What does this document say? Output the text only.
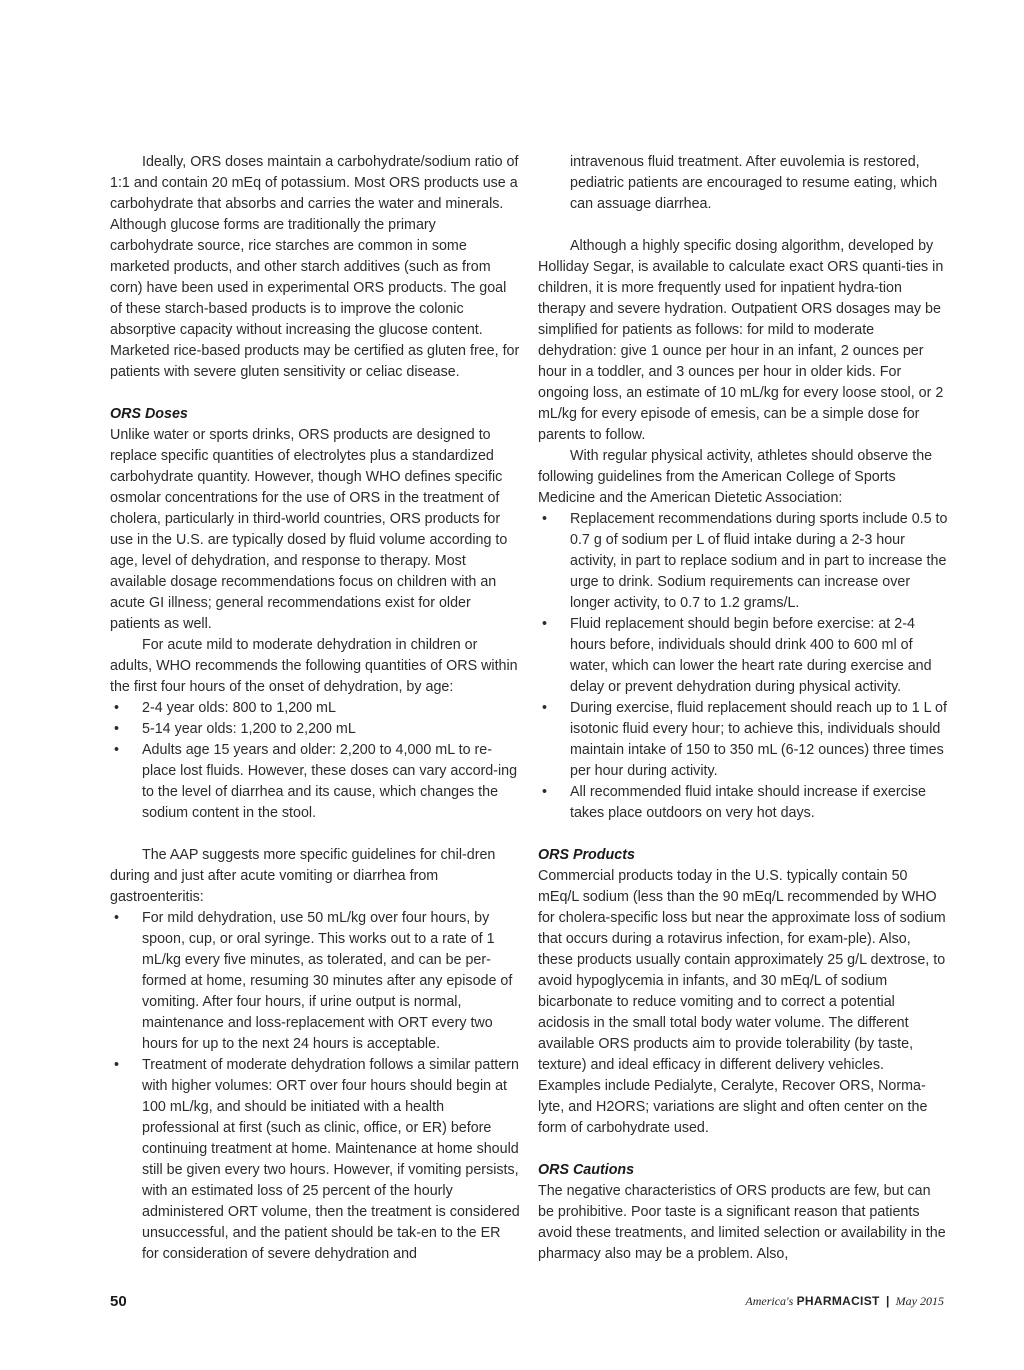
Ideally, ORS doses maintain a carbohydrate/sodium ratio of 1:1 and contain 20 mEq of potassium. Most ORS products use a carbohydrate that absorbs and carries the water and minerals. Although glucose forms are traditionally the primary carbohydrate source, rice starches are common in some marketed products, and other starch additives (such as from corn) have been used in experimental ORS products. The goal of these starch-based products is to improve the colonic absorptive capacity without increasing the glucose content. Marketed rice-based products may be certified as gluten free, for patients with severe gluten sensitivity or celiac disease.

ORS Doses

Unlike water or sports drinks, ORS products are designed to replace specific quantities of electrolytes plus a standardized carbohydrate quantity. However, though WHO defines specific osmolar concentrations for the use of ORS in the treatment of cholera, particularly in third-world countries, ORS products for use in the U.S. are typically dosed by fluid volume according to age, level of dehydration, and response to therapy. Most available dosage recommendations focus on children with an acute GI illness; general recommendations exist for older patients as well.

For acute mild to moderate dehydration in children or adults, WHO recommends the following quantities of ORS within the first four hours of the onset of dehydration, by age:

• 2-4 year olds: 800 to 1,200 mL
• 5-14 year olds: 1,200 to 2,200 mL
• Adults age 15 years and older: 2,200 to 4,000 mL to re-place lost fluids. However, these doses can vary accord-ing to the level of diarrhea and its cause, which changes the sodium content in the stool.

The AAP suggests more specific guidelines for chil-dren during and just after acute vomiting or diarrhea from gastroenteritis:

• For mild dehydration, use 50 mL/kg over four hours, by spoon, cup, or oral syringe. This works out to a rate of 1 mL/kg every five minutes, as tolerated, and can be per-formed at home, resuming 30 minutes after any episode of vomiting. After four hours, if urine output is normal, maintenance and loss-replacement with ORT every two hours for up to the next 24 hours is acceptable.
• Treatment of moderate dehydration follows a similar pattern with higher volumes: ORT over four hours should begin at 100 mL/kg, and should be initiated with a health professional at first (such as clinic, office, or ER) before continuing treatment at home. Maintenance at home should still be given every two hours. However, if vomiting persists, with an estimated loss of 25 percent of the hourly administered ORT volume, then the treatment is considered unsuccessful, and the patient should be tak-en to the ER for consideration of severe dehydration and

intravenous fluid treatment. After euvolemia is restored, pediatric patients are encouraged to resume eating, which can assuage diarrhea.

Although a highly specific dosing algorithm, developed by Holliday Segar, is available to calculate exact ORS quanti-ties in children, it is more frequently used for inpatient hydra-tion therapy and severe hydration. Outpatient ORS dosages may be simplified for patients as follows: for mild to moderate dehydration: give 1 ounce per hour in an infant, 2 ounces per hour in a toddler, and 3 ounces per hour in older kids. For ongoing loss, an estimate of 10 mL/kg for every loose stool, or 2 mL/kg for every episode of emesis, can be a simple dose for parents to follow.

With regular physical activity, athletes should observe the following guidelines from the American College of Sports Medicine and the American Dietetic Association:

• Replacement recommendations during sports include 0.5 to 0.7 g of sodium per L of fluid intake during a 2-3 hour activity, in part to replace sodium and in part to increase the urge to drink. Sodium requirements can increase over longer activity, to 0.7 to 1.2 grams/L.
• Fluid replacement should begin before exercise: at 2-4 hours before, individuals should drink 400 to 600 ml of water, which can lower the heart rate during exercise and delay or prevent dehydration during physical activity.
• During exercise, fluid replacement should reach up to 1 L of isotonic fluid every hour; to achieve this, individuals should maintain intake of 150 to 350 mL (6-12 ounces) three times per hour during activity.
• All recommended fluid intake should increase if exercise takes place outdoors on very hot days.
ORS Products

Commercial products today in the U.S. typically contain 50 mEq/L sodium (less than the 90 mEq/L recommended by WHO for cholera-specific loss but near the approximate loss of sodium that occurs during a rotavirus infection, for exam-ple). Also, these products usually contain approximately 25 g/L dextrose, to avoid hypoglycemia in infants, and 30 mEq/L of sodium bicarbonate to reduce vomiting and to correct a potential acidosis in the small total body water volume. The different available ORS products aim to provide tolerability (by taste, texture) and ideal efficacy in different delivery vehicles. Examples include Pedialyte, Ceralyte, Recover ORS, Norma-lyte, and H2ORS; variations are slight and often center on the form of carbohydrate used.

ORS Cautions

The negative characteristics of ORS products are few, but can be prohibitive. Poor taste is a significant reason that patients avoid these treatments, and limited selection or availability in the pharmacy also may be a problem. Also,

50	America's PHARMACIST | May 2015
